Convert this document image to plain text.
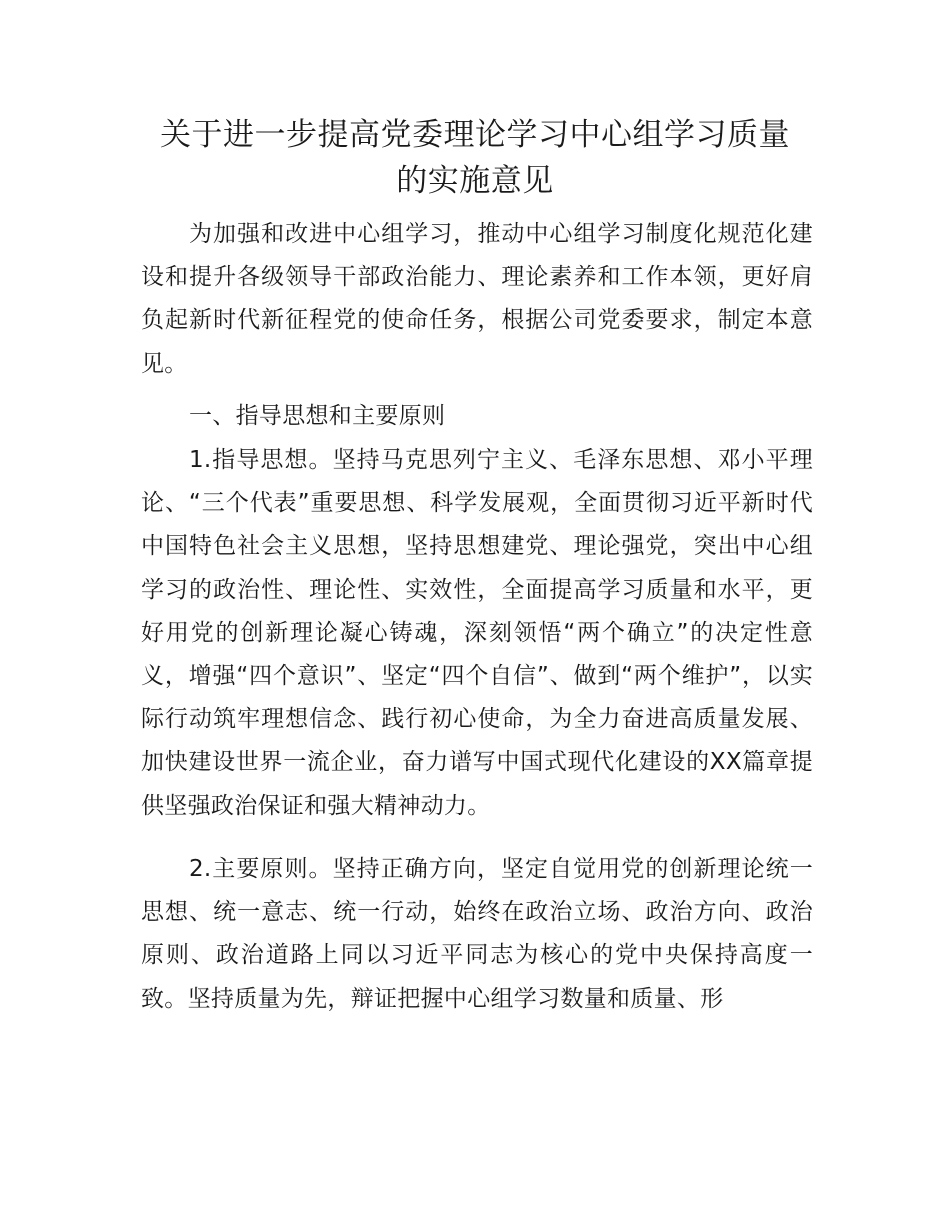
关于进一步提高党委理论学习中心组学习质量
的实施意见

为加强和改进中心组学习，推动中心组学习制度化规范化建设和提升各级领导干部政治能力、理论素养和工作本领，更好肩负起新时代新征程党的使命任务，根据公司党委要求，制定本意见。

一、指导思想和主要原则

1.指导思想。坚持马克思列宁主义、毛泽东思想、邓小平理论、“三个代表”重要思想、科学发展观，全面贯彻习近平新时代中国特色社会主义思想，坚持思想建党、理论强党，突出中心组学习的政治性、理论性、实效性，全面提高学习质量和水平，更好用党的创新理论凝心铸魂，深刻领悟“两个确立”的决定性意义，增强“四个意识”、坚定“四个自信”、做到“两个维护”，以实际行动筑牢理想信念、践行初心使命，为全力奋进高质量发展、加快建设世界一流企业，奋力谱写中国式现代化建设的XX篇章提供坚强政治保证和强大精神动力。

2.主要原则。坚持正确方向，坚定自觉用党的创新理论统一思想、统一意志、统一行动，始终在政治立场、政治方向、政治原则、政治道路上同以习近平同志为核心的党中央保持高度一致。坚持质量为先，辩证把握中心组学习数量和质量、形
